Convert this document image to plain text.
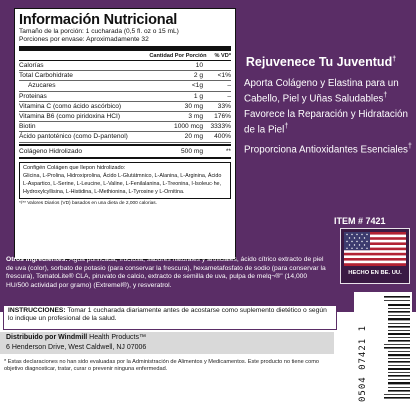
Información Nutricional
Tamaño de la porción: 1 cucharada (0,5 fl. oz o 15 mL)
Porciones por envase: Aproximadamente 32
Cantidad Por Porción % VD*
Calorías	10
Total Carbohidrate	2 g	<1%
Azucares	<1g	–
Proteinas	1 g	–
Vitamina C (como ácido ascórbico)	30 mg	33%
Vitamina B6 (como piridoxina HCI)	3 mg	176%
Biotin	1000 mcg	3333%
Ácido pantoténico (como D-pantenol)	20 mg	400%
Colágeno Hidrolizado	500 mg	**
Configén Colágen que llepon hidrolizado:
Glicina, L-Prolina, Hidroxiprolina, Ácido L-Glutátmnico, L-Alanina, L-Arginina, Ácido L-Aspartico, L-Serine, L-Leucine, L-Valine, L-Fenilalanina, L-Treonina, I-Isoleuc·he, Hydroxylcyllisina, L-Histidina, L-Methionina, L-Tyrosine y L-Ornitina.
*/** Valores Diarios (VD) basados en una dieta de 2,000 calorias.
Rejuvenece Tu Juventud†
▪ Aporta Colágeno y Elastina para un Cabello, Piel y Uñas Saludables†
▪ Favorece la Reparación y Hidratación de la Piel†
▪ Proporciona Antioxidantes Esenciales†
ITEM # 7421
HECHO EN BE. UU.
Otros ingredientes: Agua purificada, fructosa, sabores naturales y artificiales, ácido cítrico extracto de piel de uva (color), sorbato de potasio (para conservar la frescura), hexametafosfato de sodio (para conservar la frescura), TomatoLite® CLA, piruvato de calcio, extracto de semilla de uva, pulpa de melq¬®" (14,000 HU/500 actividad por gramo) (Extremel®), y resveratrol.
INSTRUCCIONES: Tomar 1 cucharada diariamente antes de acostarse como suplemento dietético o según lo indique un profesional de la salud.
Distribuido por Windmill Health Products™
6 Henderson Drive, West Caldwell, NJ 07006
* Estas declaraciones no han sido evaluadas por la Administración de Alimentos y Medicamentos. Este producto no tiene como objetivo diagnosticar, tratar, curar o prevenir ninguna enfermedad.	0504 07421 1
